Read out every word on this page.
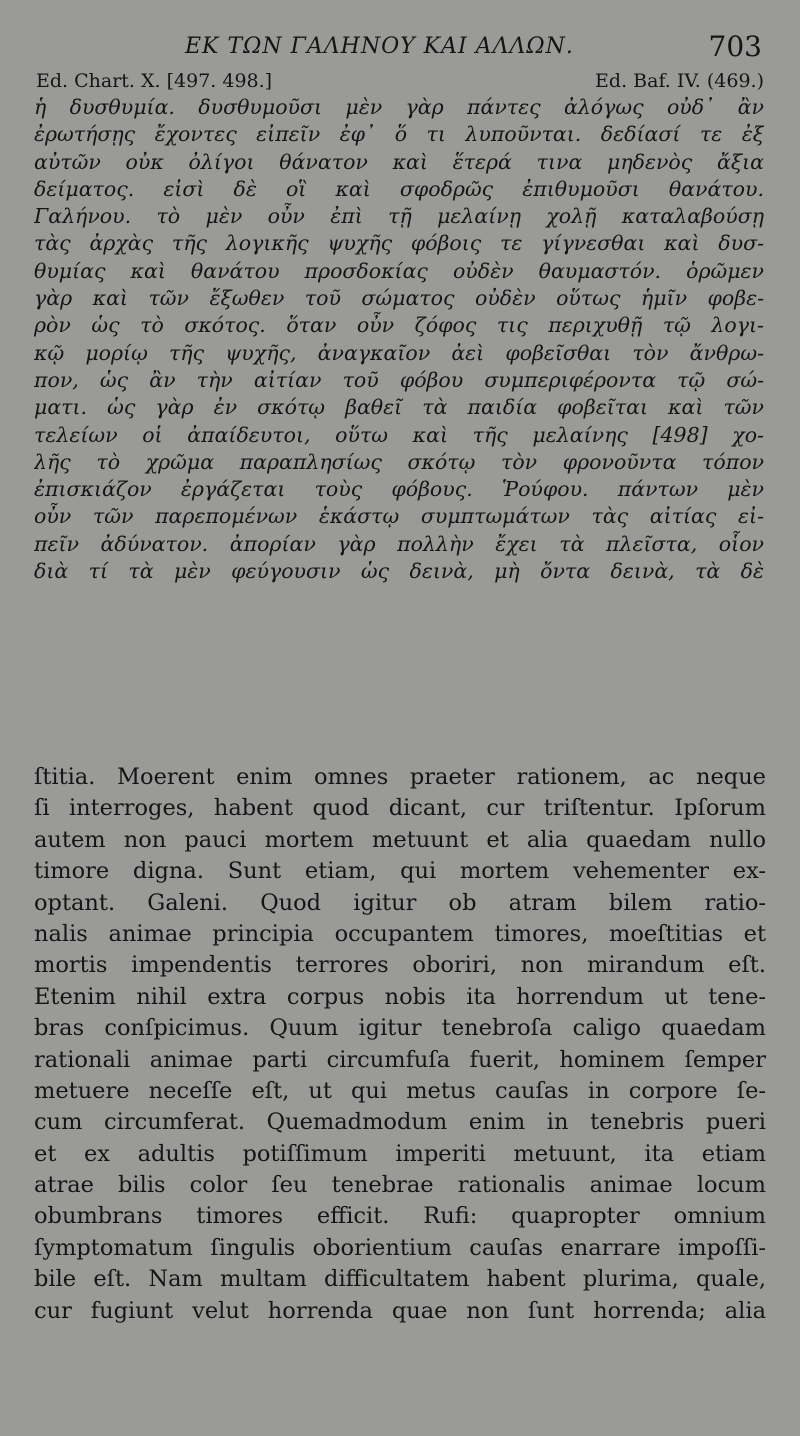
ΕΚ ΤΩΝ ΓΑΛΗΝΟΥ ΚΑΙ ΑΛΛΩΝ.	703
Ed. Chart. X. [497. 498.]	Ed. Baf. IV. (469.)
ἡ δυσθυμία. δυσθυμοῦσι μὲν γὰρ πάντες ἀλόγως οὐδ᾽ ἂν
ἐρωτήσῃς ἔχοντες εἰπεῖν ἐφ᾽ ὅ τι λυποῦνται. δεδίασί τε ἐξ
αὐτῶν οὐκ ὀλίγοι θάνατον καὶ ἕτερά τινα μηδενὸς ἄξια
δείματος. εἰσὶ δὲ οἳ καὶ σφοδρῶς ἐπιθυμοῦσι θανάτου.
Γαλήνου. τὸ μὲν οὖν ἐπὶ τῇ μελαίνῃ χολῇ καταλαβούσῃ
τὰς ἀρχὰς τῆς λογικῆς ψυχῆς φόβοις τε γίγνεσθαι καὶ δυσ-
θυμίας καὶ θανάτου προσδοκίας οὐδὲν θαυμαστόν. ὁρῶμεν
γὰρ καὶ τῶν ἔξωθεν τοῦ σώματος οὐδὲν οὕτως ἡμῖν φοβε-
ρὸν ὡς τὸ σκότος. ὅταν οὖν ζόφος τις περιχυθῇ τῷ λογι-
κῷ μορίῳ τῆς ψυχῆς, ἀναγκαῖον ἀεὶ φοβεῖσθαι τὸν ἄνθρω-
πον, ὡς ἂν τὴν αἰτίαν τοῦ φόβου συμπεριφέροντα τῷ σώ-
ματι. ὡς γὰρ ἐν σκότῳ βαθεῖ τὰ παιδία φοβεῖται καὶ τῶν
τελείων οἱ ἀπαίδευτοι, οὕτω καὶ τῆς μελαίνης [498] χο-
λῆς τὸ χρῶμα παραπλησίως σκότῳ τὸν φρονοῦντα τόπον
ἐπισκιάζον ἐργάζεται τοὺς φόβους. Ῥούφου. πάντων μὲν
οὖν τῶν παρεπομένων ἑκάστῳ συμπτωμάτων τὰς αἰτίας εἰ-
πεῖν ἀδύνατον. ἀπορίαν γὰρ πολλὴν ἔχει τὰ πλεῖστα, οἷον
διὰ τί τὰ μὲν φεύγουσιν ὡς δεινὰ, μὴ ὄντα δεινὰ, τὰ δὲ
ſtitia. Moerent enim omnes praeter rationem, ac neque
ſi interroges, habent quod dicant, cur triſtentur. Ipſorum
autem non pauci mortem metuunt et alia quaedam nullo
timore digna. Sunt etiam, qui mortem vehementer ex-
optant. Galeni. Quod igitur ob atram bilem ratio-
nalis animae principia occupantem timores, moeſtitias et
mortis impendentis terrores oboriri, non mirandum eſt.
Etenim nihil extra corpus nobis ita horrendum ut tene-
bras conſpicimus. Quum igitur tenebroſa caligo quaedam
rationali animae parti circumfuſa fuerit, hominem ſemper
metuere neceſſe eſt, ut qui metus cauſas in corpore ſe-
cum circumferat. Quemadmodum enim in tenebris pueri
et ex adultis potiſſimum imperiti metuunt, ita etiam
atrae bilis color ſeu tenebrae rationalis animae locum
obumbrans timores efficit. Rufi: quapropter omnium
ſymptomatum ſingulis oborientium cauſas enarrare impoſſi-
bile eſt. Nam multam difficultatem habent plurima, quale,
cur fugiunt velut horrenda quae non ſunt horrenda; alia
